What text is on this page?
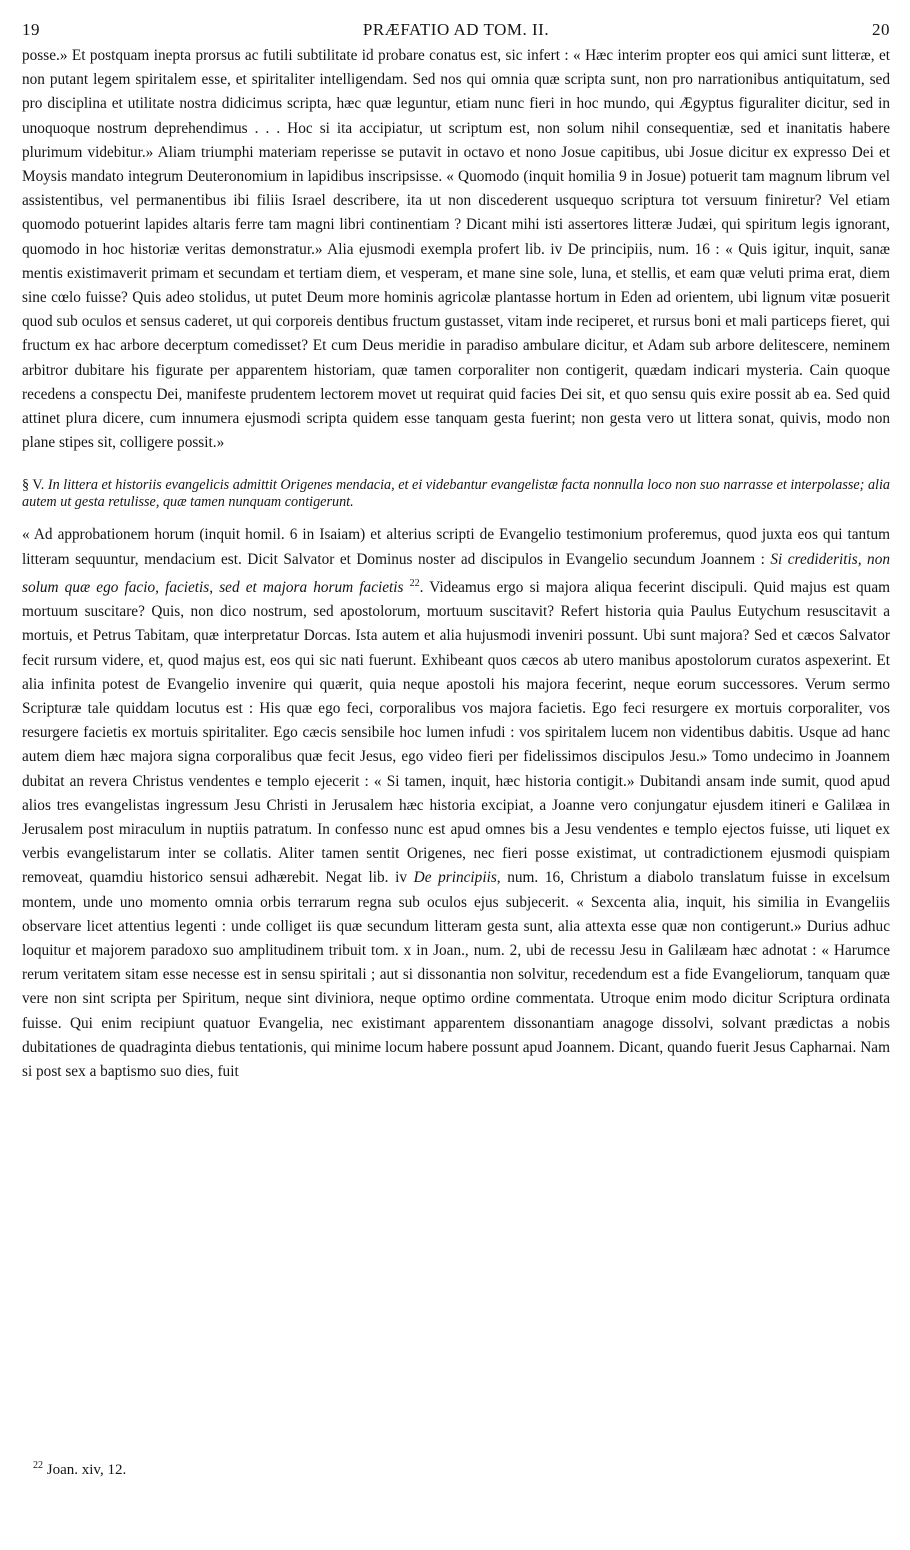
19	PRÆFATIO AD TOM. II.	20

posse.» Et postquam inepta prorsus ac futili subtilitate id probare conatus est, sic infert : « Hæc interim propter eos qui amici sunt litteræ, et non putant legem spiritalem esse, et spiritaliter intelligendam. Sed nos qui omnia quæ scripta sunt, non pro narrationibus antiquitatum, sed pro disciplina et utilitate nostra didicimus scripta, hæc quæ leguntur, etiam nunc fieri in hoc mundo, qui Ægyptus figuraliter dicitur, sed in unoquoque nostrum deprehendimus . . . Hoc si ita accipiatur, ut scriptum est, non solum nihil consequentiæ, sed et inanitatis habere plurimum videbitur.» Aliam triumphi materiam reperisse se putavit in octavo et nono Josue capitibus, ubi Josue dicitur ex expresso Dei et Moysis mandato integrum Deuteronomium in lapidibus inscripsisse. « Quomodo (inquit homilia 9 in Josue) potuerit tam magnum librum vel assistentibus, vel permanentibus ibi filiis Israel describere, ita ut non discederent usquequo scriptura tot versuum finiretur? Vel etiam quomodo potuerint lapides altaris ferre tam magni libri continentiam ? Dicant mihi isti assertores litteræ Judæi, qui spiritum legis ignorant, quomodo in hoc historiæ veritas demonstratur.» Alia ejusmodi exempla profert lib. iv De principiis, num. 16 : « Quis igitur, inquit, sanæ mentis existimaverit primam et secundam et tertiam diem, et vesperam, et mane sine sole, luna, et stellis, et eam quæ veluti prima erat, diem sine cœlo fuisse? Quis adeo stolidus, ut putet Deum more hominis agricolæ plantasse hortum in Eden ad orientem, ubi lignum vitæ posuerit quod sub oculos et sensus caderet, ut qui corporeis dentibus fructum gustasset, vitam inde reciperet, et rursus boni et mali particeps fieret, qui fructum ex hac arbore decerptum comedisset? Et cum Deus meridie in paradiso ambulare dicitur, et Adam sub arbore delitescere, neminem arbitror dubitare his figurate per apparentem historiam, quæ tamen corporaliter non contigerit, quædam indicari mysteria. Cain quoque recedens a conspectu Dei, manifeste prudentem lectorem movet ut requirat quid facies Dei sit, et quo sensu quis exire possit ab ea. Sed quid attinet plura dicere, cum innumera ejusmodi scripta quidem esse tanquam gesta fuerint; non gesta vero ut littera sonat, quivis, modo non plane stipes sit, colligere possit.»

§ V. In littera et historiis evangelicis admittit Origenes mendacia, et ei videbantur evangelistæ facta nonnulla loco non suo narrasse et interpolasse; alia autem ut gesta retulisse, quæ tamen nunquam contigerunt.

« Ad approbationem horum (inquit homil. 6 in Isaiam) et alterius scripti de Evangelio testimonium proferemus, quod juxta eos qui tantum litteram sequuntur, mendacium est. Dicit Salvator et Dominus noster ad discipulos in Evangelio secundum Joannem : Si credideritis, non solum quæ ego facio, facietis, sed et majora horum facietis $^{22}$. Videamus ergo si majora aliqua fecerint discipuli. Quid majus est quam mortuum suscitare? Quis, non dico nostrum, sed apostolorum, mortuum suscitavit? Refert historia quia Paulus Eutychum resuscitavit a mortuis, et Petrus Tabitam, quæ interpretatur Dorcas. Ista autem et alia hujusmodi inveniri possunt. Ubi sunt majora? Sed et cæcos Salvator fecit rursum videre, et, quod majus est, eos qui sic nati fuerunt. Exhibeant quos cæcos ab utero manibus apostolorum curatos aspexerint. Et alia infinita potest de Evangelio invenire qui quærit, quia neque apostoli his majora fecerint, neque eorum successores. Verum sermo Scripturæ tale quiddam locutus est : His quæ ego feci, corporalibus vos majora facietis. Ego feci resurgere ex mortuis corporaliter, vos resurgere facietis ex mortuis spiritaliter. Ego cæcis sensibile hoc lumen infudi : vos spiritalem lucem non videntibus dabitis. Usque ad hanc autem diem hæc majora signa corporalibus quæ fecit Jesus, ego video fieri per fidelissimos discipulos Jesu.» Tomo undecimo in Joannem dubitat an revera Christus vendentes e templo ejecerit : « Si tamen, inquit, hæc historia contigit.» Dubitandi ansam inde sumit, quod apud alios tres evangelistas ingressum Jesu Christi in Jerusalem hæc historia excipiat, a Joanne vero conjungatur ejusdem itineri e Galilæa in Jerusalem post miraculum in nuptiis patratum. In confesso nunc est apud omnes bis a Jesu vendentes e templo ejectos fuisse, uti liquet ex verbis evangelistarum inter se collatis. Aliter tamen sentit Origenes, nec fieri posse existimat, ut contradictionem ejusmodi quispiam removeat, quamdiu historico sensui adhærebit. Negat lib. iv De principiis, num. 16, Christum a diabolo translatum fuisse in excelsum montem, unde uno momento omnia orbis terrarum regna sub oculos ejus subjecerit. « Sexcenta alia, inquit, his similia in Evangeliis observare licet attentius legenti : unde colliget iis quæ secundum litteram gesta sunt, alia attexta esse quæ non contigerunt.» Durius adhuc loquitur et majorem paradoxo suo amplitudinem tribuit tom. x in Joan., num. 2, ubi de recessu Jesu in Galilæam hæc adnotat : « Harumce rerum veritatem sitam esse necesse est in sensu spiritali ; aut si dissonantia non solvitur, recedendum est a fide Evangeliorum, tanquam quæ vere non sint scripta per Spiritum, neque sint diviniora, neque optimo ordine commentata. Utroque enim modo dicitur Scriptura ordinata fuisse. Qui enim recipiunt quatuor Evangelia, nec existimant apparentem dissonantiam anagoge dissolvi, solvant prædictas a nobis dubitationes de quadraginta diebus tentationis, qui minime locum habere possunt apud Joannem. Dicant, quando fuerit Jesus Capharnai. Nam si post sex a baptismo suo dies, fuit

$^{22}$ Joan. xiv, 12.
